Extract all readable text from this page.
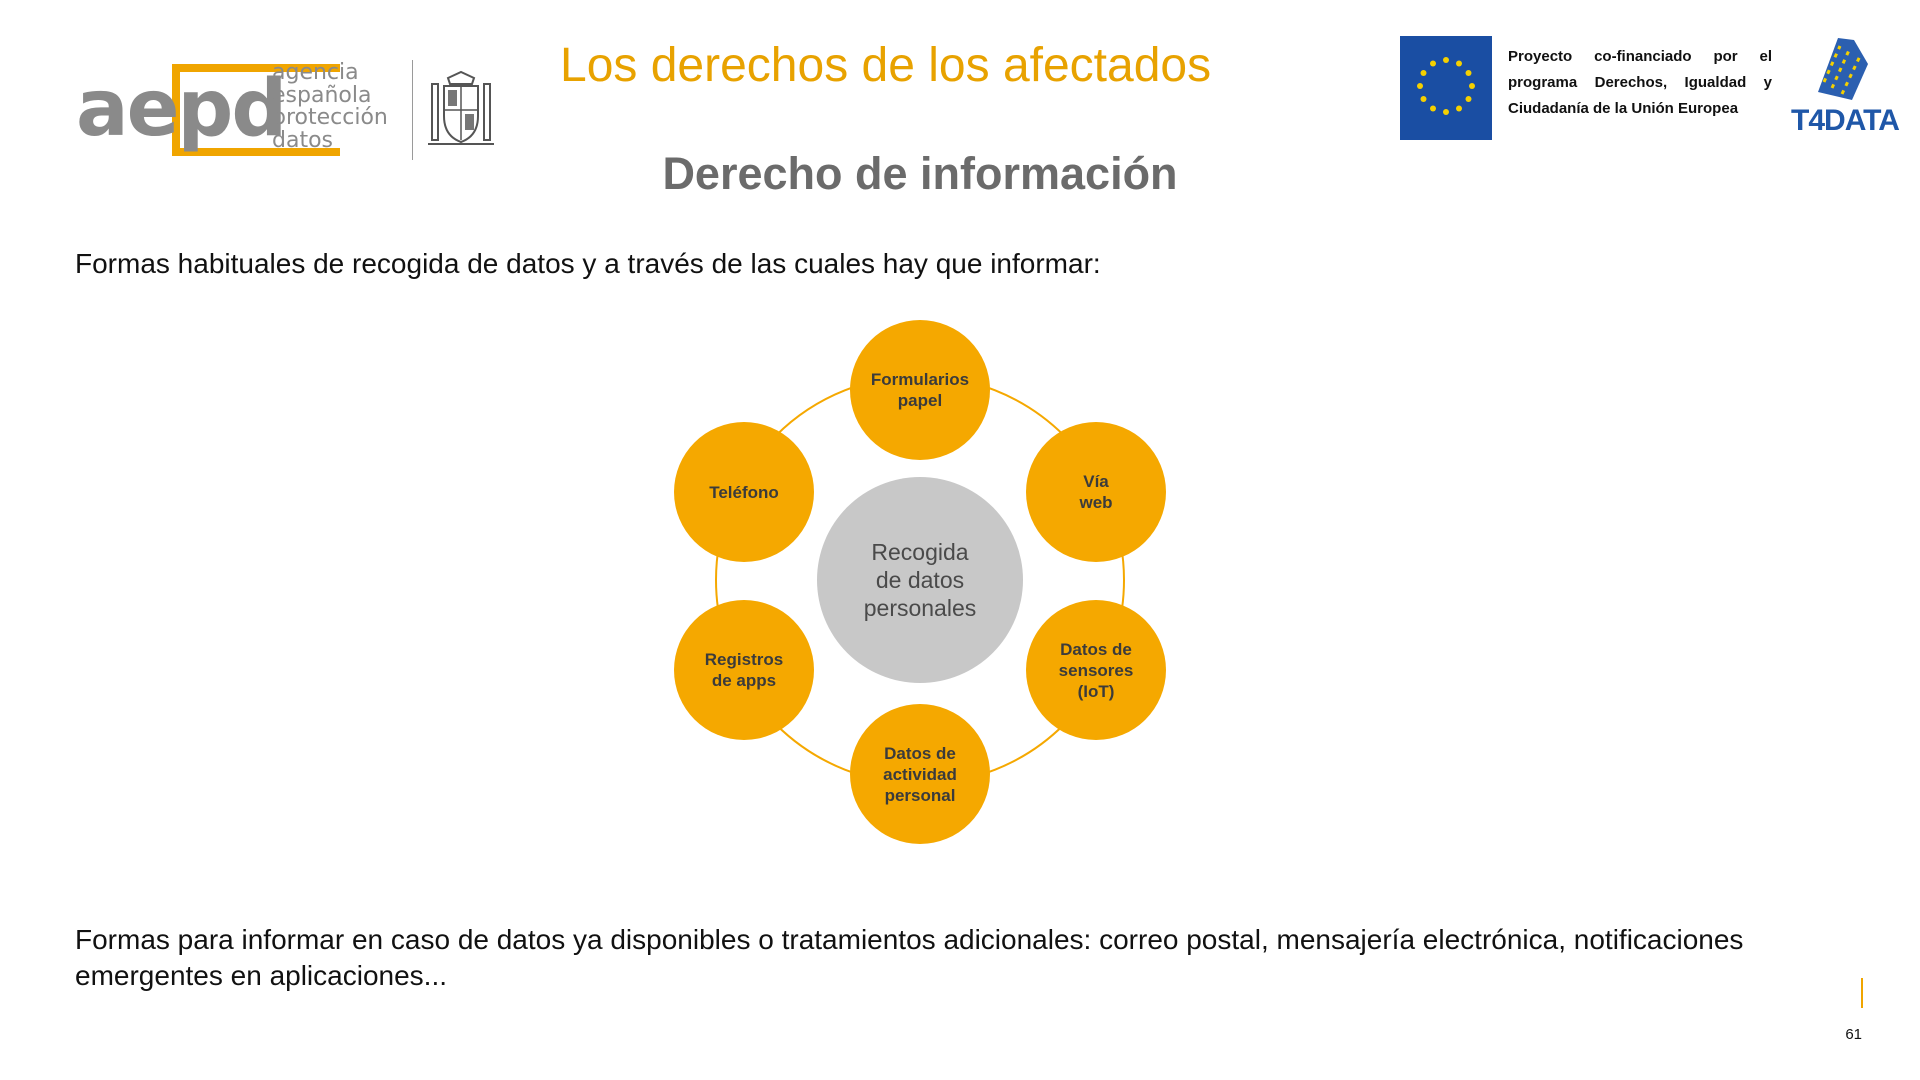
aepd
agencia
española
protección
datos
Los derechos de los afectados
Derecho de información
Proyecto co-financiado por el programa Derechos, Igualdad y Ciudadanía de la Unión Europea	T4DATA
Formas habituales de recogida de datos y a través de las cuales hay que informar:
Recogida
de datos
personales
Formularios
papel
Vía
web
Datos de
sensores
(IoT)
Datos de
actividad
personal
Registros
de apps
Teléfono
Formas para informar en caso de datos ya disponibles o tratamientos adicionales: correo postal, mensajería electrónica, notificaciones emergentes en aplicaciones...
61
